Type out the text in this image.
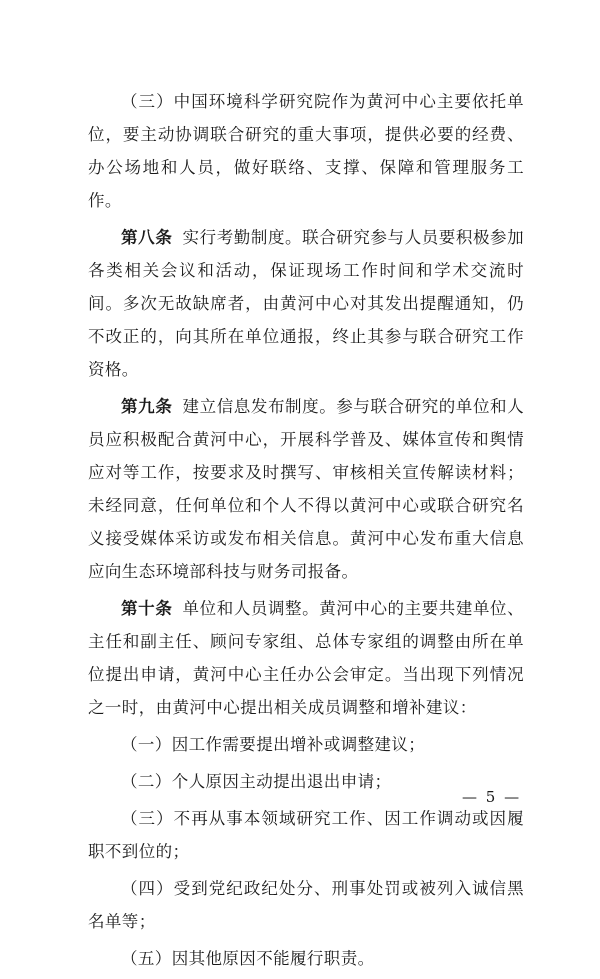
（三）中国环境科学研究院作为黄河中心主要依托单位，要主动协调联合研究的重大事项，提供必要的经费、办公场地和人员，做好联络、支撑、保障和管理服务工作。

第八条 实行考勤制度。联合研究参与人员要积极参加各类相关会议和活动，保证现场工作时间和学术交流时间。多次无故缺席者，由黄河中心对其发出提醒通知，仍不改正的，向其所在单位通报，终止其参与联合研究工作资格。

第九条 建立信息发布制度。参与联合研究的单位和人员应积极配合黄河中心，开展科学普及、媒体宣传和舆情应对等工作，按要求及时撰写、审核相关宣传解读材料；未经同意，任何单位和个人不得以黄河中心或联合研究名义接受媒体采访或发布相关信息。黄河中心发布重大信息应向生态环境部科技与财务司报备。

第十条 单位和人员调整。黄河中心的主要共建单位、主任和副主任、顾问专家组、总体专家组的调整由所在单位提出申请，黄河中心主任办公会审定。当出现下列情况之一时，由黄河中心提出相关成员调整和增补建议：

（一）因工作需要提出增补或调整建议；

（二）个人原因主动提出退出申请；

（三）不再从事本领域研究工作、因工作调动或因履职不到位的；

（四）受到党纪政纪处分、刑事处罚或被列入诚信黑名单等；

（五）因其他原因不能履行职责。

— 5 —
